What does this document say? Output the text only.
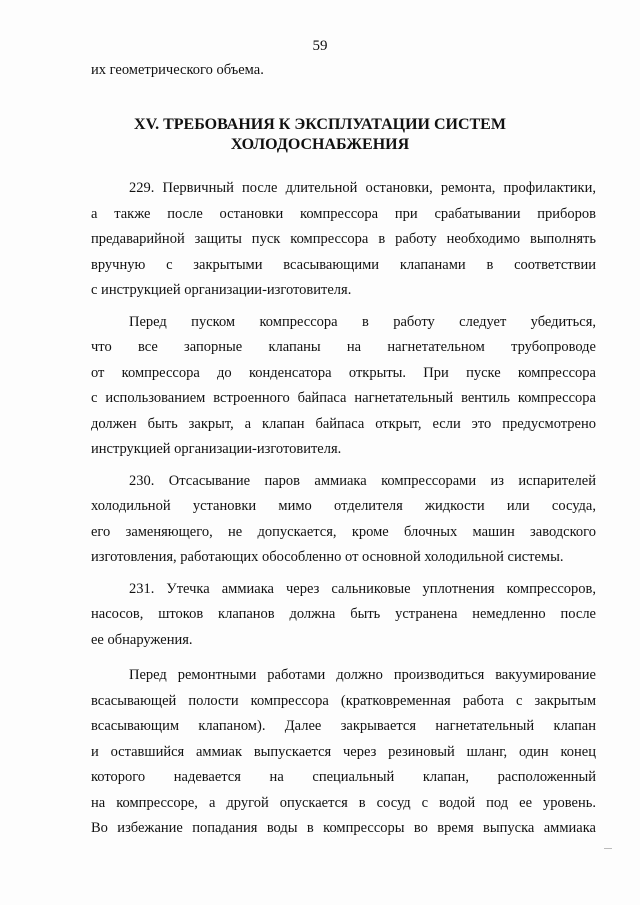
59
их геометрического объема.
XV. ТРЕБОВАНИЯ К ЭКСПЛУАТАЦИИ СИСТЕМ
ХОЛОДОСНАБЖЕНИЯ

229. Первичный после длительной остановки, ремонта, профилактики,
а также после остановки компрессора при срабатывании приборов
предаварийной защиты пуск компрессора в работу необходимо выполнять
вручную с закрытыми всасывающими клапанами в соответствии
с инструкцией организации-изготовителя.

Перед пуском компрессора в работу следует убедиться,
что все запорные клапаны на нагнетательном трубопроводе
от компрессора до конденсатора открыты. При пуске компрессора
с использованием встроенного байпаса нагнетательный вентиль компрессора
должен быть закрыт, а клапан байпаса открыт, если это предусмотрено
инструкцией организации-изготовителя.

230. Отсасывание паров аммиака компрессорами из испарителей
холодильной установки мимо отделителя жидкости или сосуда,
его заменяющего, не допускается, кроме блочных машин заводского
изготовления, работающих обособленно от основной холодильной системы.

231. Утечка аммиака через сальниковые уплотнения компрессоров,
насосов, штоков клапанов должна быть устранена немедленно после
ее обнаружения.

Перед ремонтными работами должно производиться вакуумирование
всасывающей полости компрессора (кратковременная работа с закрытым
всасывающим клапаном). Далее закрывается нагнетательный клапан
и оставшийся аммиак выпускается через резиновый шланг, один конец
которого надевается на специальный клапан, расположенный
на компрессоре, а другой опускается в сосуд с водой под ее уровень.
Во избежание попадания воды в компрессоры во время выпуска аммиака
